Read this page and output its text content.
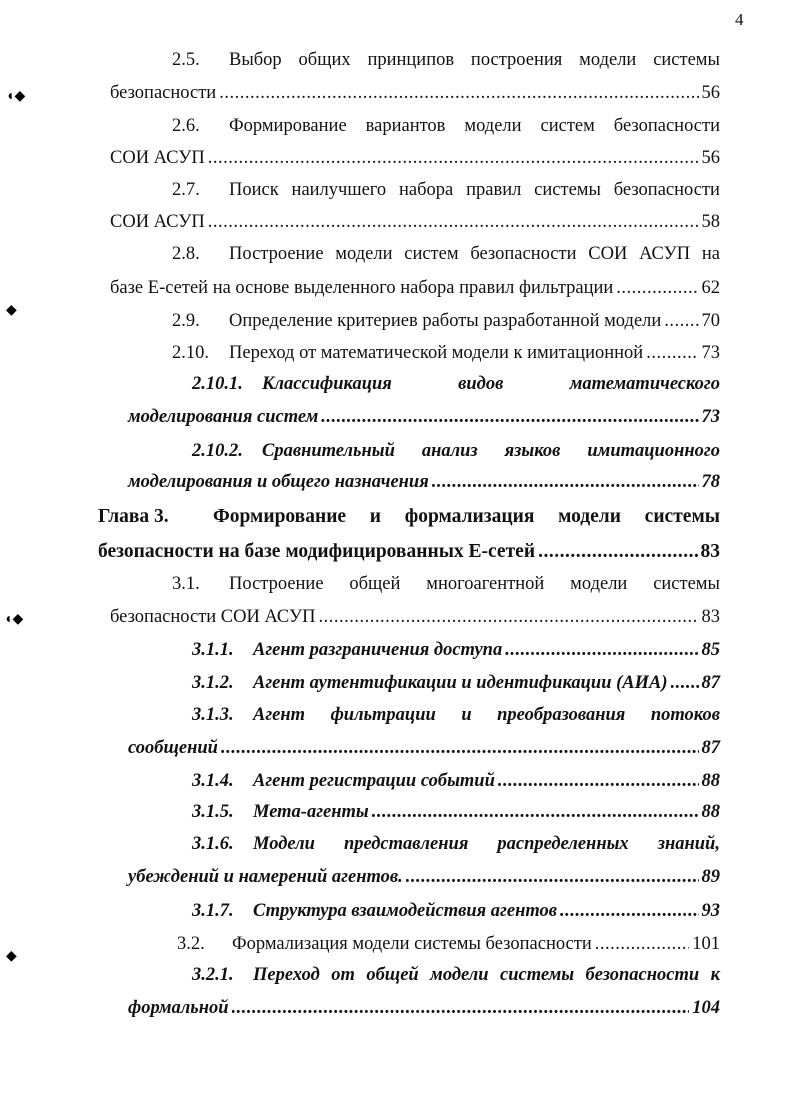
4
◖◆
◆
◖◆
◆
2.5. Выбор общих принципов построения модели системы
безопасности .....	56
2.6. Формирование вариантов модели систем безопасности
СОИ АСУП .....	56
2.7. Поиск наилучшего набора правил системы безопасности
СОИ АСУП .....	58
2.8. Построение модели систем безопасности СОИ АСУП на
базе Е-сетей на основе выделенного набора правил фильтрации .....	62
2.9. Определение критериев работы разработанной модели ..... 70
2.10. Переход от математической модели к имитационной .....	73
2.10.1. Классификация	видов	математического
моделирования систем .....	73
2.10.2. Сравнительный анализ языков имитационного
моделирования и общего назначения .....	78
Глава 3. Формирование и формализация модели системы
безопасности на базе модифицированных Е-сетей .....	83
3.1. Построение общей многоагентной модели системы
безопасности СОИ АСУП .....	83
3.1.1. Агент разграничения доступа .....	85
3.1.2. Агент аутентификации и идентификации (АИА) ..... 87
3.1.3. Агент фильтрации и преобразования потоков
сообщений .....	87
3.1.4. Агент регистрации событий .....	88
3.1.5. Мета-агенты .....	88
3.1.6. Модели представления распределенных знаний,
убеждений и намерений агентов. .....	89
3.1.7. Структура взаимодействия агентов .....	93
3.2. Формализация модели системы безопасности .....	101
3.2.1. Переход от общей модели системы безопасности к
формальной .....	104
